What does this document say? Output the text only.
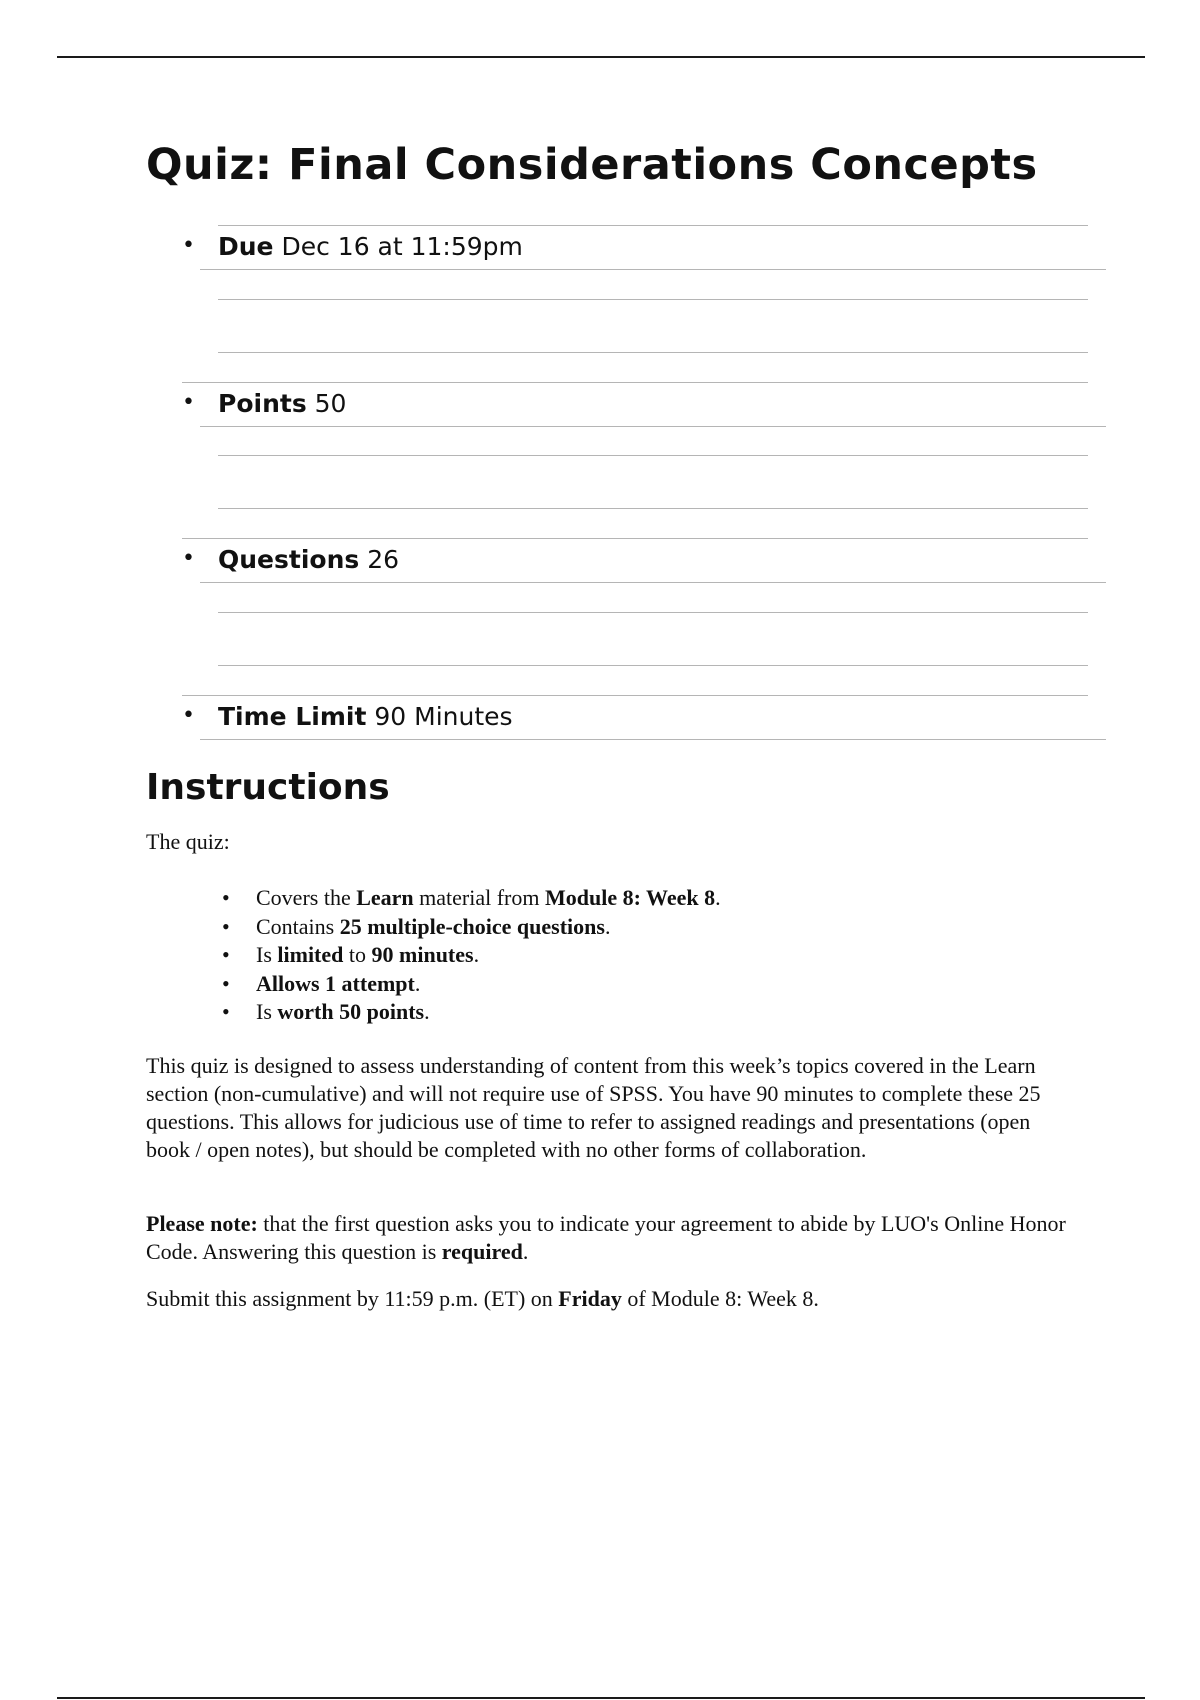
Quiz: Final Considerations Concepts
• Due
Dec 16 at 11:59pm
• Points
50
• Questions
26
• Time Limit
90 Minutes
Instructions

The quiz:

• Covers the Learn material from Module 8: Week 8.
• Contains 25 multiple-choice questions.
• Is limited to 90 minutes.
• Allows 1 attempt.
• Is worth 50 points.

This quiz is designed to assess understanding of content from this week’s topics covered in the Learn section (non-cumulative) and will not require use of SPSS. You have 90 minutes to complete these 25 questions. This allows for judicious use of time to refer to assigned readings and presentations (open book / open notes), but should be completed with no other forms of collaboration.

Please note: that the first question asks you to indicate your agreement to abide by LUO's Online Honor Code. Answering this question is required.

Submit this assignment by 11:59 p.m. (ET) on Friday of Module 8: Week 8.
